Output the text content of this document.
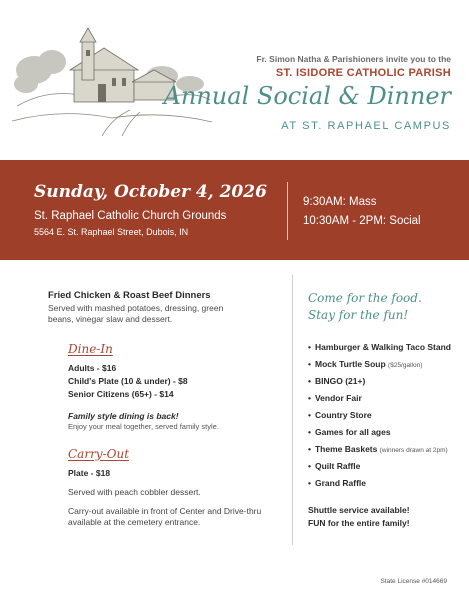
Fr. Simon Natha & Parishioners invite you to the
ST. ISIDORE CATHOLIC PARISH
Annual Social & Dinner
AT ST. RAPHAEL CAMPUS
Sunday, October 4, 2026
St. Raphael Catholic Church Grounds
5564 E. St. Raphael Street, Dubois, IN
9:30AM: Mass
10:30AM - 2PM: Social
Fried Chicken & Roast Beef Dinners
Served with mashed potatoes, dressing, green beans, vinegar slaw and dessert.
Dine-In
Adults - $16
Child's Plate (10 & under) - $8
Senior Citizens (65+) - $14
Family style dining is back!
Enjoy your meal together, served family style.
Carry-Out
Plate - $18
Served with peach cobbler dessert.
Carry-out available in front of Center and Drive-thru available at the cemetery entrance.
Come for the food.
Stay for the fun!
• Hamburger & Walking Taco Stand
• Mock Turtle Soup ($25/gallon)
• BINGO (21+)
• Vendor Fair
• Country Store
• Games for all ages
• Theme Baskets (winners drawn at 2pm)
• Quilt Raffle
• Grand Raffle
Shuttle service available!
FUN for the entire family!
State License #014669
